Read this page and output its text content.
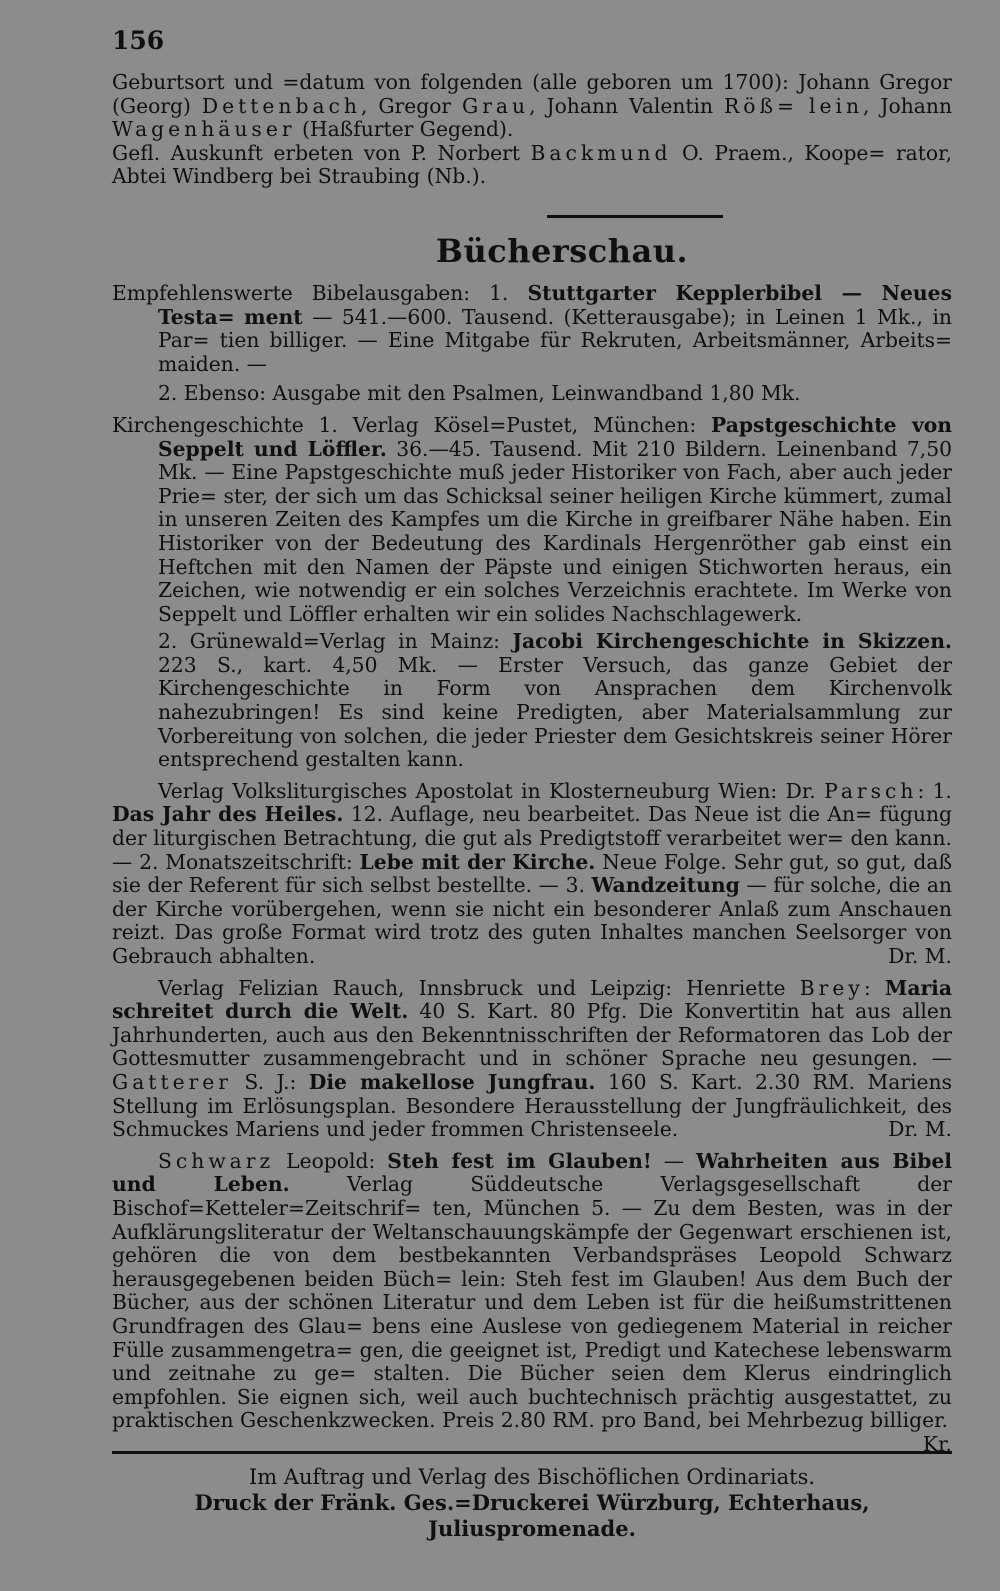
156

Geburtsort und =datum von folgenden (alle geboren um 1700): Johann Gregor (Georg) Dettenbach, Gregor Grau, Johann Valentin Röß= lein, Johann Wagenhäuser (Haßfurter Gegend).

Gefl. Auskunft erbeten von P. Norbert Backmund O. Praem., Koope= rator, Abtei Windberg bei Straubing (Nb.).

Bücherschau.

Empfehlenswerte Bibelausgaben: 1. Stuttgarter Kepplerbibel — Neues Testa= ment — 541.—600. Tausend. (Ketterausgabe); in Leinen 1 Mk., in Par= tien billiger. — Eine Mitgabe für Rekruten, Arbeitsmänner, Arbeits= maiden. —

2. Ebenso: Ausgabe mit den Psalmen, Leinwandband 1,80 Mk.

Kirchengeschichte 1. Verlag Kösel=Pustet, München: Papstgeschichte von Seppelt und Löffler. 36.—45. Tausend. Mit 210 Bildern. Leinenband 7,50 Mk. — Eine Papstgeschichte muß jeder Historiker von Fach, aber auch jeder Prie= ster, der sich um das Schicksal seiner heiligen Kirche kümmert, zumal in unseren Zeiten des Kampfes um die Kirche in greifbarer Nähe haben. Ein Historiker von der Bedeutung des Kardinals Hergenröther gab einst ein Heftchen mit den Namen der Päpste und einigen Stichworten heraus, ein Zeichen, wie notwendig er ein solches Verzeichnis erachtete. Im Werke von Seppelt und Löffler erhalten wir ein solides Nachschlagewerk.

2. Grünewald=Verlag in Mainz: Jacobi Kirchengeschichte in Skizzen. 223 S., kart. 4,50 Mk. — Erster Versuch, das ganze Gebiet der Kirchengeschichte in Form von Ansprachen dem Kirchenvolk nahezubringen! Es sind keine Predigten, aber Materialsammlung zur Vorbereitung von solchen, die jeder Priester dem Gesichtskreis seiner Hörer entsprechend gestalten kann.

Verlag Volksliturgisches Apostolat in Klosterneuburg Wien: Dr. Parsch: 1. Das Jahr des Heiles. 12. Auflage, neu bearbeitet. Das Neue ist die An= fügung der liturgischen Betrachtung, die gut als Predigtstoff verarbeitet wer= den kann. — 2. Monatszeitschrift: Lebe mit der Kirche. Neue Folge. Sehr gut, so gut, daß sie der Referent für sich selbst bestellte. — 3. Wandzeitung — für solche, die an der Kirche vorübergehen, wenn sie nicht ein besonderer Anlaß zum Anschauen reizt. Das große Format wird trotz des guten Inhaltes manchen Seelsorger von Gebrauch abhalten.	Dr. M.

Verlag Felizian Rauch, Innsbruck und Leipzig: Henriette Brey: Maria schreitet durch die Welt. 40 S. Kart. 80 Pfg. Die Konvertitin hat aus allen Jahrhunderten, auch aus den Bekenntnisschriften der Reformatoren das Lob der Gottesmutter zusammengebracht und in schöner Sprache neu gesungen. — Gatterer S. J.: Die makellose Jungfrau. 160 S. Kart. 2.30 RM. Mariens Stellung im Erlösungsplan. Besondere Herausstellung der Jungfräulichkeit, des Schmuckes Mariens und jeder frommen Christenseele.	Dr. M.

Schwarz Leopold: Steh fest im Glauben! — Wahrheiten aus Bibel und Leben. Verlag Süddeutsche Verlagsgesellschaft der Bischof=Ketteler=Zeitschrif= ten, München 5. — Zu dem Besten, was in der Aufklärungsliteratur der Weltanschauungskämpfe der Gegenwart erschienen ist, gehören die von dem bestbekannten Verbandspräses Leopold Schwarz herausgegebenen beiden Büch= lein: Steh fest im Glauben! Aus dem Buch der Bücher, aus der schönen Literatur und dem Leben ist für die heißumstrittenen Grundfragen des Glau= bens eine Auslese von gediegenem Material in reicher Fülle zusammengetra= gen, die geeignet ist, Predigt und Katechese lebenswarm und zeitnahe zu ge= stalten. Die Bücher seien dem Klerus eindringlich empfohlen. Sie eignen sich, weil auch buchtechnisch prächtig ausgestattet, zu praktischen Geschenkzwecken. Preis 2.80 RM. pro Band, bei Mehrbezug billiger.
Kr.

Im Auftrag und Verlag des Bischöflichen Ordinariats.
Druck der Fränk. Ges.=Druckerei Würzburg, Echterhaus, Juliuspromenade.
